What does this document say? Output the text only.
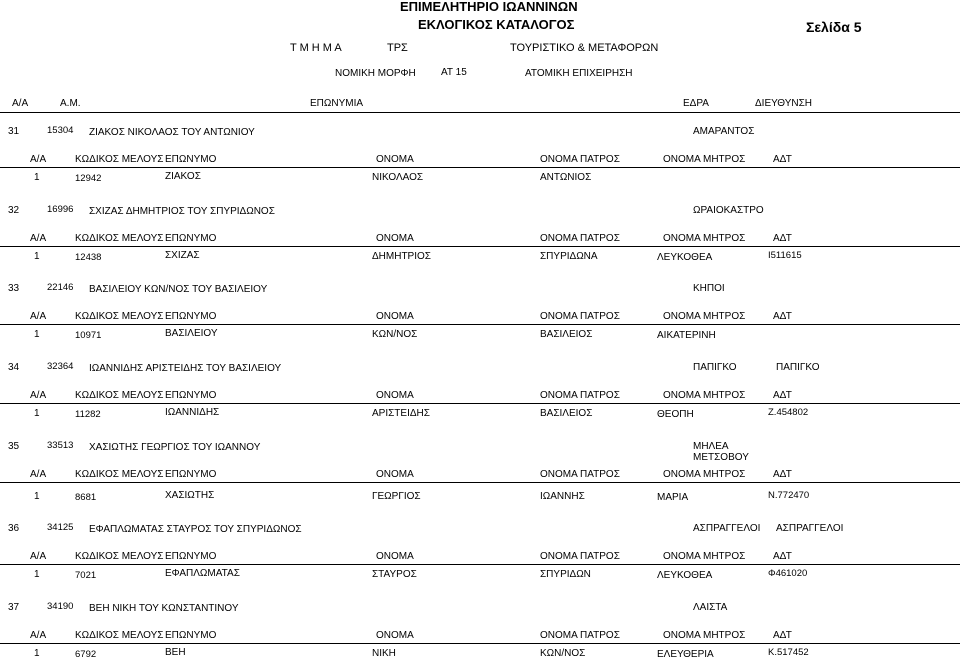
ΕΠΙΜΕΛΗΤΗΡΙΟ ΙΩΑΝΝΙΝΩΝ
ΕΚΛΟΓΙΚΟΣ ΚΑΤΑΛΟΓΟΣ	Σελίδα 5
Τ Μ Η Μ Α	ΤΡΣ	ΤΟΥΡΙΣΤΙΚΟ & ΜΕΤΑΦΟΡΩΝ
ΝΟΜΙΚΗ ΜΟΡΦΗ	ΑΤ 15	ΑΤΟΜΙΚΗ ΕΠΙΧΕΙΡΗΣΗ
Α/Α	Α.Μ.	ΕΠΩΝΥΜΙΑ	ΕΔΡΑ	ΔΙΕΥΘΥΝΣΗ
31	15304 ΖΙΑΚΟΣ ΝΙΚΟΛΑΟΣ ΤΟΥ ΑΝΤΩΝΙΟΥ	ΑΜΑΡΑΝΤΟΣ
Α/Α	ΚΩΔΙΚΟΣ ΜΕΛΟΥΣ ΕΠΩΝΥΜΟ	ΟΝΟΜΑ	ΟΝΟΜΑ ΠΑΤΡΟΣ	ΟΝΟΜΑ ΜΗΤΡΟΣ	ΑΔΤ
1	12942	ΖΙΑΚΟΣ	ΝΙΚΟΛΑΟΣ	ΑΝΤΩΝΙΟΣ
32	16996 ΣΧΙΖΑΣ ΔΗΜΗΤΡΙΟΣ ΤΟΥ ΣΠΥΡΙΔΩΝΟΣ	ΩΡΑΙΟΚΑΣΤΡΟ
Α/Α	ΚΩΔΙΚΟΣ ΜΕΛΟΥΣ ΕΠΩΝΥΜΟ	ΟΝΟΜΑ	ΟΝΟΜΑ ΠΑΤΡΟΣ	ΟΝΟΜΑ ΜΗΤΡΟΣ	ΑΔΤ
1	12438	ΣΧΙΖΑΣ	ΔΗΜΗΤΡΙΟΣ	ΣΠΥΡΙΔΩΝΑ	ΛΕΥΚΟΘΕΑ	Ι511615
33	22146 ΒΑΣΙΛΕΙΟΥ ΚΩΝ/ΝΟΣ ΤΟΥ ΒΑΣΙΛΕΙΟΥ	ΚΗΠΟΙ
Α/Α	ΚΩΔΙΚΟΣ ΜΕΛΟΥΣ ΕΠΩΝΥΜΟ	ΟΝΟΜΑ	ΟΝΟΜΑ ΠΑΤΡΟΣ	ΟΝΟΜΑ ΜΗΤΡΟΣ	ΑΔΤ
1	10971	ΒΑΣΙΛΕΙΟΥ	ΚΩΝ/ΝΟΣ	ΒΑΣΙΛΕΙΟΣ	ΑΙΚΑΤΕΡΙΝΗ
34	32364 ΙΩΑΝΝΙΔΗΣ ΑΡΙΣΤΕΙΔΗΣ ΤΟΥ ΒΑΣΙΛΕΙΟΥ	ΠΑΠΙΓΚΟ	ΠΑΠΙΓΚΟ
Α/Α	ΚΩΔΙΚΟΣ ΜΕΛΟΥΣ ΕΠΩΝΥΜΟ	ΟΝΟΜΑ	ΟΝΟΜΑ ΠΑΤΡΟΣ	ΟΝΟΜΑ ΜΗΤΡΟΣ	ΑΔΤ
1	11282	ΙΩΑΝΝΙΔΗΣ	ΑΡΙΣΤΕΙΔΗΣ	ΒΑΣΙΛΕΙΟΣ	ΘΕΟΠΗ	Ζ.454802
35	33513 ΧΑΣΙΩΤΗΣ ΓΕΩΡΓΙΟΣ ΤΟΥ ΙΩΑΝΝΟΥ	ΜΗΛΕΑ
ΜΕΤΣΟΒΟΥ
Α/Α	ΚΩΔΙΚΟΣ ΜΕΛΟΥΣ ΕΠΩΝΥΜΟ	ΟΝΟΜΑ	ΟΝΟΜΑ ΠΑΤΡΟΣ	ΟΝΟΜΑ ΜΗΤΡΟΣ	ΑΔΤ
1	8681	ΧΑΣΙΩΤΗΣ	ΓΕΩΡΓΙΟΣ	ΙΩΑΝΝΗΣ	ΜΑΡΙΑ	Ν.772470
36	34125 ΕΦΑΠΛΩΜΑΤΑΣ ΣΤΑΥΡΟΣ ΤΟΥ ΣΠΥΡΙΔΩΝΟΣ	ΑΣΠΡΑΓΓΕΛΟΙ ΑΣΠΡΑΓΓΕΛΟΙ
Α/Α	ΚΩΔΙΚΟΣ ΜΕΛΟΥΣ ΕΠΩΝΥΜΟ	ΟΝΟΜΑ	ΟΝΟΜΑ ΠΑΤΡΟΣ	ΟΝΟΜΑ ΜΗΤΡΟΣ	ΑΔΤ
1	7021	ΕΦΑΠΛΩΜΑΤΑΣ	ΣΤΑΥΡΟΣ	ΣΠΥΡΙΔΩΝ	ΛΕΥΚΟΘΕΑ	Φ461020
37	34190 ΒΕΗ ΝΙΚΗ ΤΟΥ ΚΩΝΣΤΑΝΤΙΝΟΥ	ΛΑΙΣΤΑ
Α/Α	ΚΩΔΙΚΟΣ ΜΕΛΟΥΣ ΕΠΩΝΥΜΟ	ΟΝΟΜΑ	ΟΝΟΜΑ ΠΑΤΡΟΣ	ΟΝΟΜΑ ΜΗΤΡΟΣ	ΑΔΤ
1	6792	ΒΕΗ	ΝΙΚΗ	ΚΩΝ/ΝΟΣ	ΕΛΕΥΘΕΡΙΑ	Κ.517452
